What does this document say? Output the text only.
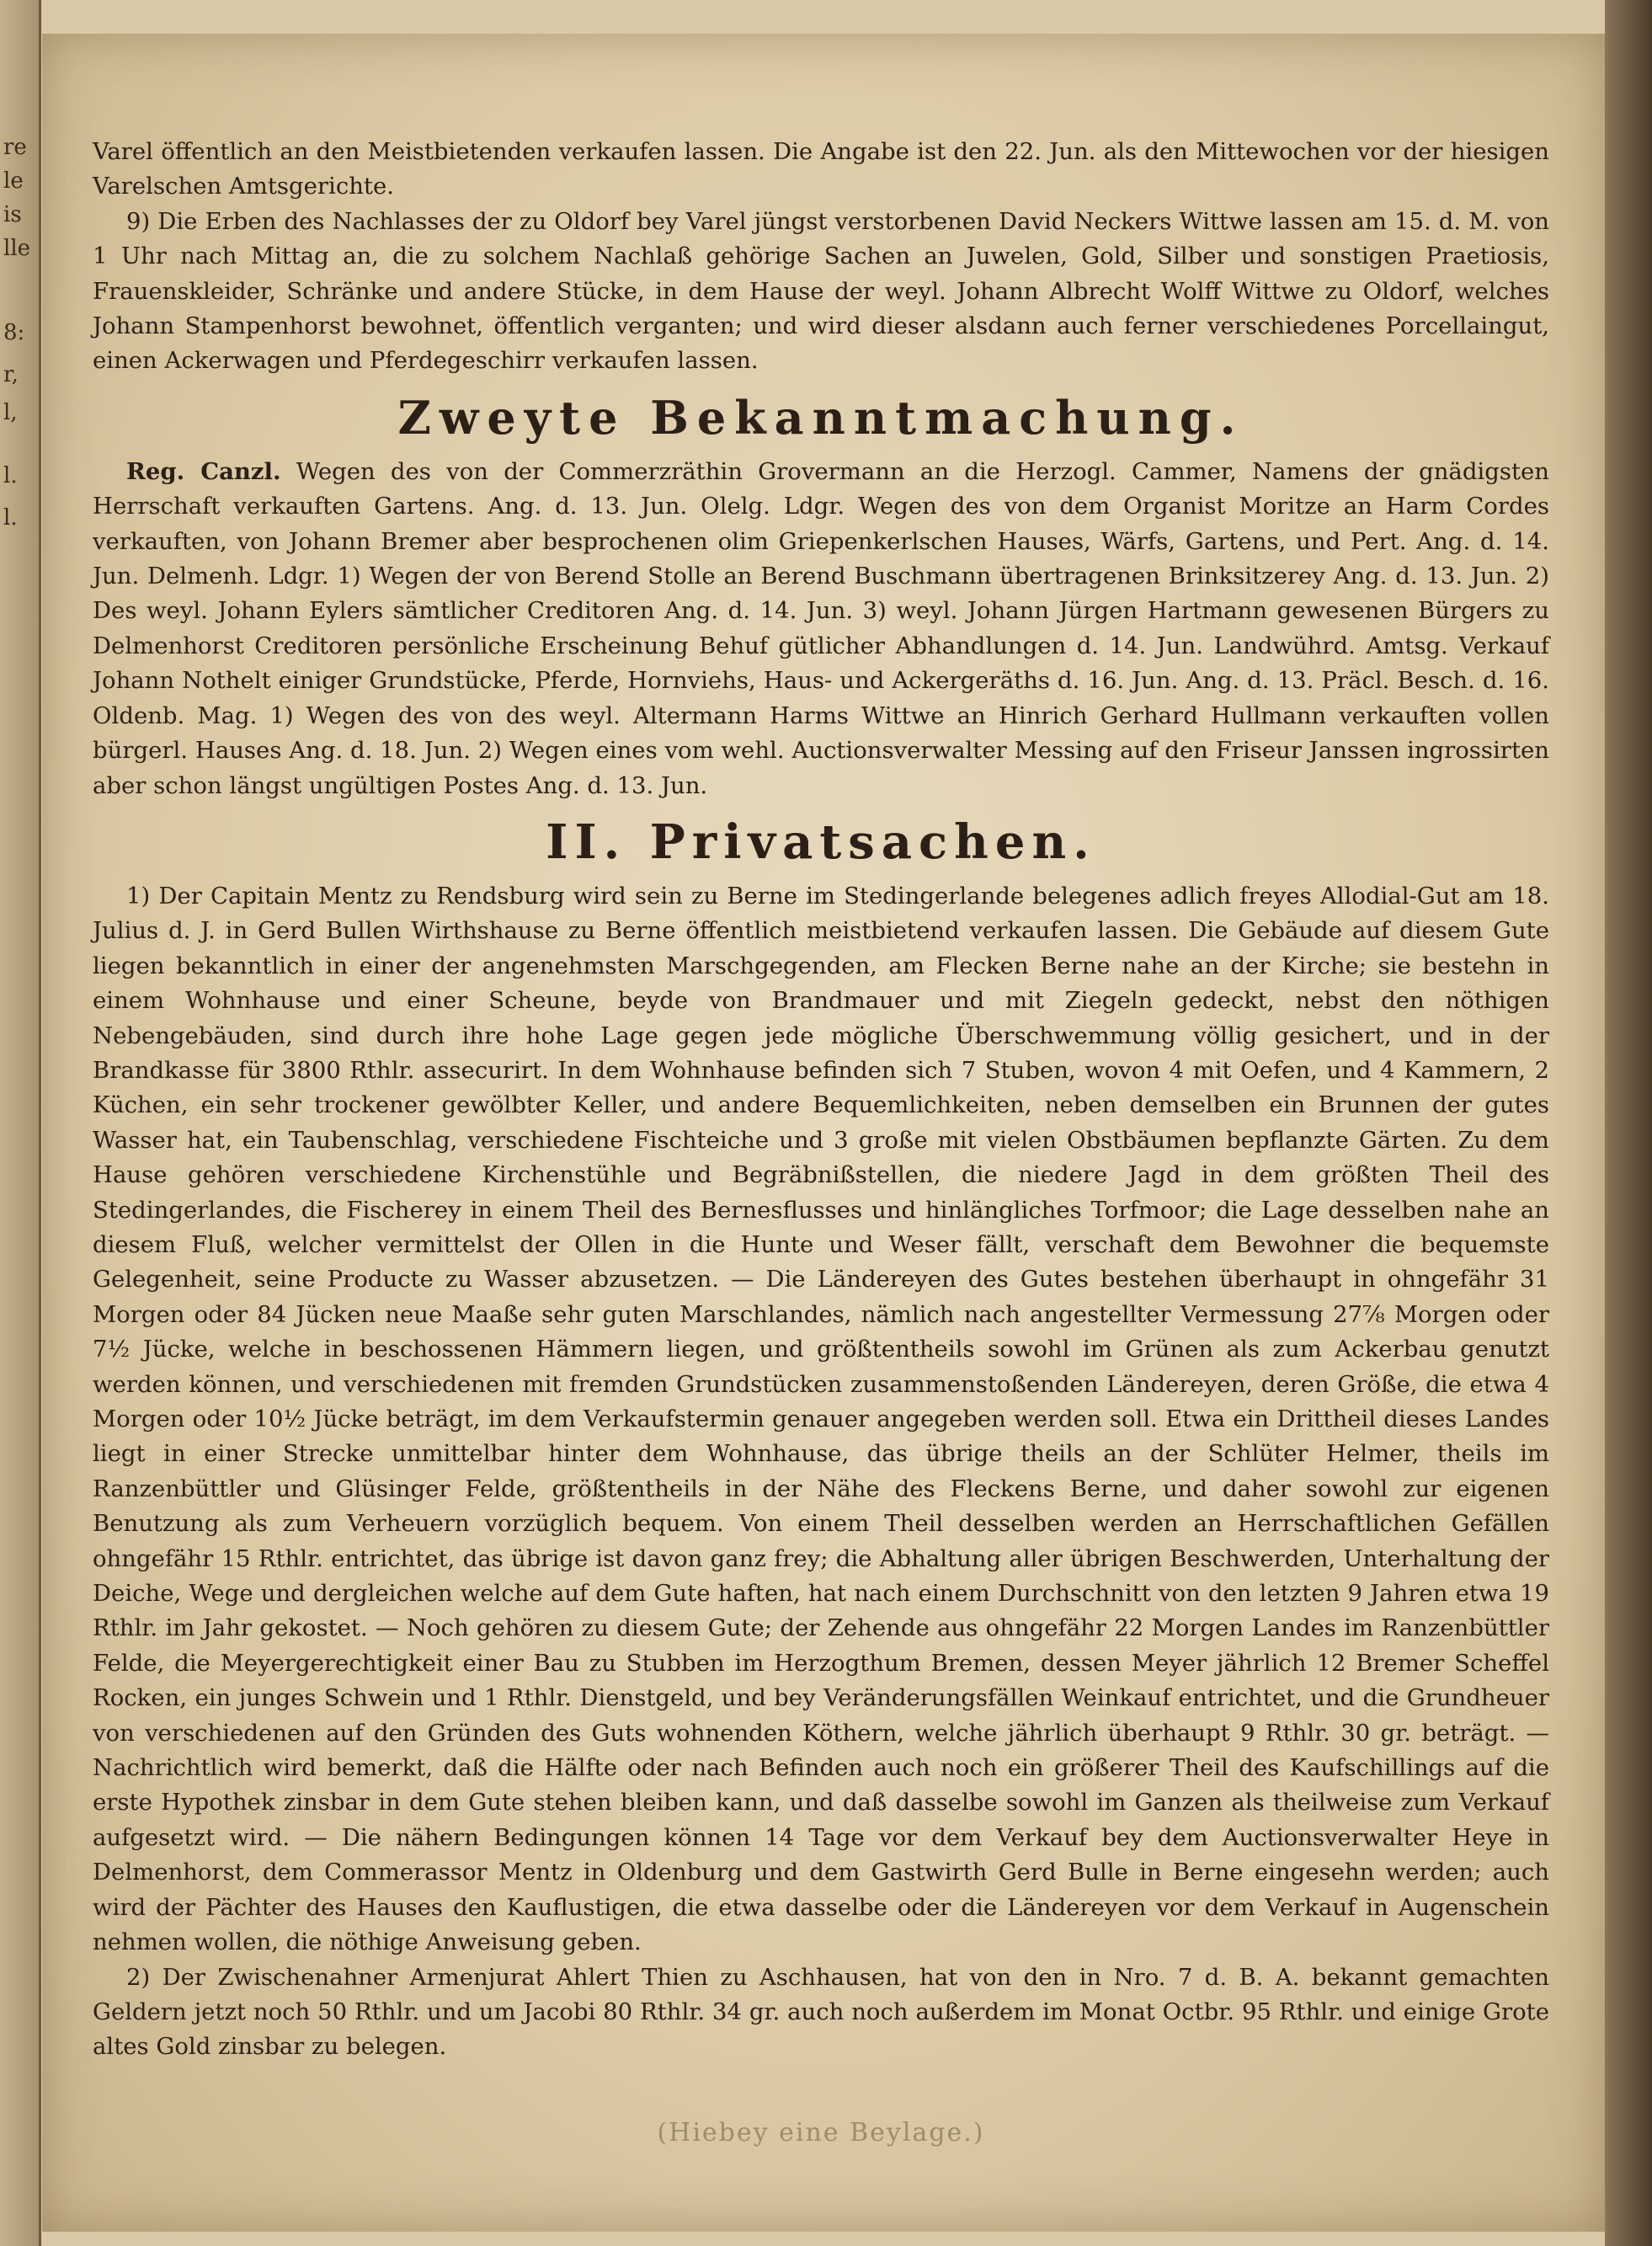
re
le
is
lle
8:
r,
l,
l.
l.

Varel öffentlich an den Meistbietenden verkaufen lassen. Die Angabe ist den 22. Jun. als den Mittewochen vor der hiesigen Varelschen Amtsgerichte.

9) Die Erben des Nachlasses der zu Oldorf bey Varel jüngst verstorbenen David Neckers Wittwe lassen am 15. d. M. von 1 Uhr nach Mittag an, die zu solchem Nachlaß gehörige Sachen an Juwelen, Gold, Silber und sonstigen Praetiosis, Frauenskleider, Schränke und andere Stücke, in dem Hause der weyl. Johann Albrecht Wolff Wittwe zu Oldorf, welches Johann Stampenhorst bewohnet, öffentlich verganten; und wird dieser alsdann auch ferner verschiedenes Porcellaingut, einen Ackerwagen und Pferdegeschirr verkaufen lassen.

Zweyte Bekanntmachung.

Reg. Canzl. Wegen des von der Commerzräthin Grovermann an die Herzogl. Cammer, Namens der gnädigsten Herrschaft verkauften Gartens. Ang. d. 13. Jun. Olelg. Ldgr. Wegen des von dem Organist Moritze an Harm Cordes verkauften, von Johann Bremer aber besprochenen olim Griepenkerlschen Hauses, Wärfs, Gartens, und Pert. Ang. d. 14. Jun. Delmenh. Ldgr. 1) Wegen der von Berend Stolle an Berend Buschmann übertragenen Brinksitzerey Ang. d. 13. Jun. 2) Des weyl. Johann Eylers sämtlicher Creditoren Ang. d. 14. Jun. 3) weyl. Johann Jürgen Hartmann gewesenen Bürgers zu Delmenhorst Creditoren persönliche Erscheinung Behuf gütlicher Abhandlungen d. 14. Jun. Landwührd. Amtsg. Verkauf Johann Nothelt einiger Grundstücke, Pferde, Hornviehs, Haus- und Ackergeräths d. 16. Jun. Ang. d. 13. Präcl. Besch. d. 16. Oldenb. Mag. 1) Wegen des von des weyl. Altermann Harms Wittwe an Hinrich Gerhard Hullmann verkauften vollen bürgerl. Hauses Ang. d. 18. Jun. 2) Wegen eines vom wehl. Auctionsverwalter Messing auf den Friseur Janssen ingrossirten aber schon längst ungültigen Postes Ang. d. 13. Jun.

II. Privatsachen.

1) Der Capitain Mentz zu Rendsburg wird sein zu Berne im Stedingerlande belegenes adlich freyes Allodial-Gut am 18. Julius d. J. in Gerd Bullen Wirthshause zu Berne öffentlich meistbietend verkaufen lassen. Die Gebäude auf diesem Gute liegen bekanntlich in einer der angenehmsten Marschgegenden, am Flecken Berne nahe an der Kirche; sie bestehn in einem Wohnhause und einer Scheune, beyde von Brandmauer und mit Ziegeln gedeckt, nebst den nöthigen Nebengebäuden, sind durch ihre hohe Lage gegen jede mögliche Überschwemmung völlig gesichert, und in der Brandkasse für 3800 Rthlr. assecurirt. In dem Wohnhause befinden sich 7 Stuben, wovon 4 mit Oefen, und 4 Kammern, 2 Küchen, ein sehr trockener gewölbter Keller, und andere Bequemlichkeiten, neben demselben ein Brunnen der gutes Wasser hat, ein Taubenschlag, verschiedene Fischteiche und 3 große mit vielen Obstbäumen bepflanzte Gärten. Zu dem Hause gehören verschiedene Kirchenstühle und Begräbnißstellen, die niedere Jagd in dem größten Theil des Stedingerlandes, die Fischerey in einem Theil des Bernesflusses und hinlängliches Torfmoor; die Lage desselben nahe an diesem Fluß, welcher vermittelst der Ollen in die Hunte und Weser fällt, verschaft dem Bewohner die bequemste Gelegenheit, seine Producte zu Wasser abzusetzen. — Die Ländereyen des Gutes bestehen überhaupt in ohngefähr 31 Morgen oder 84 Jücken neue Maaße sehr guten Marschlandes, nämlich nach angestellter Vermessung 27⅞ Morgen oder 7½ Jücke, welche in beschossenen Hämmern liegen, und größtentheils sowohl im Grünen als zum Ackerbau genutzt werden können, und verschiedenen mit fremden Grundstücken zusammenstoßenden Ländereyen, deren Größe, die etwa 4 Morgen oder 10½ Jücke beträgt, im dem Verkaufstermin genauer angegeben werden soll. Etwa ein Drittheil dieses Landes liegt in einer Strecke unmittelbar hinter dem Wohnhause, das übrige theils an der Schlüter Helmer, theils im Ranzenbüttler und Glüsinger Felde, größtentheils in der Nähe des Fleckens Berne, und daher sowohl zur eigenen Benutzung als zum Verheuern vorzüglich bequem. Von einem Theil desselben werden an Herrschaftlichen Gefällen ohngefähr 15 Rthlr. entrichtet, das übrige ist davon ganz frey; die Abhaltung aller übrigen Beschwerden, Unterhaltung der Deiche, Wege und dergleichen welche auf dem Gute haften, hat nach einem Durchschnitt von den letzten 9 Jahren etwa 19 Rthlr. im Jahr gekostet. — Noch gehören zu diesem Gute; der Zehende aus ohngefähr 22 Morgen Landes im Ranzenbüttler Felde, die Meyergerechtigkeit einer Bau zu Stubben im Herzogthum Bremen, dessen Meyer jährlich 12 Bremer Scheffel Rocken, ein junges Schwein und 1 Rthlr. Dienstgeld, und bey Veränderungsfällen Weinkauf entrichtet, und die Grundheuer von verschiedenen auf den Gründen des Guts wohnenden Köthern, welche jährlich überhaupt 9 Rthlr. 30 gr. beträgt. — Nachrichtlich wird bemerkt, daß die Hälfte oder nach Befinden auch noch ein größerer Theil des Kaufschillings auf die erste Hypothek zinsbar in dem Gute stehen bleiben kann, und daß dasselbe sowohl im Ganzen als theilweise zum Verkauf aufgesetzt wird. — Die nähern Bedingungen können 14 Tage vor dem Verkauf bey dem Auctionsverwalter Heye in Delmenhorst, dem Commerassor Mentz in Oldenburg und dem Gastwirth Gerd Bulle in Berne eingesehn werden; auch wird der Pächter des Hauses den Kauflustigen, die etwa dasselbe oder die Ländereyen vor dem Verkauf in Augenschein nehmen wollen, die nöthige Anweisung geben.

2) Der Zwischenahner Armenjurat Ahlert Thien zu Aschhausen, hat von den in Nro. 7 d. B. A. bekannt gemachten Geldern jetzt noch 50 Rthlr. und um Jacobi 80 Rthlr. 34 gr. auch noch außerdem im Monat Octbr. 95 Rthlr. und einige Grote altes Gold zinsbar zu belegen.

(Hiebey eine Beylage.)
